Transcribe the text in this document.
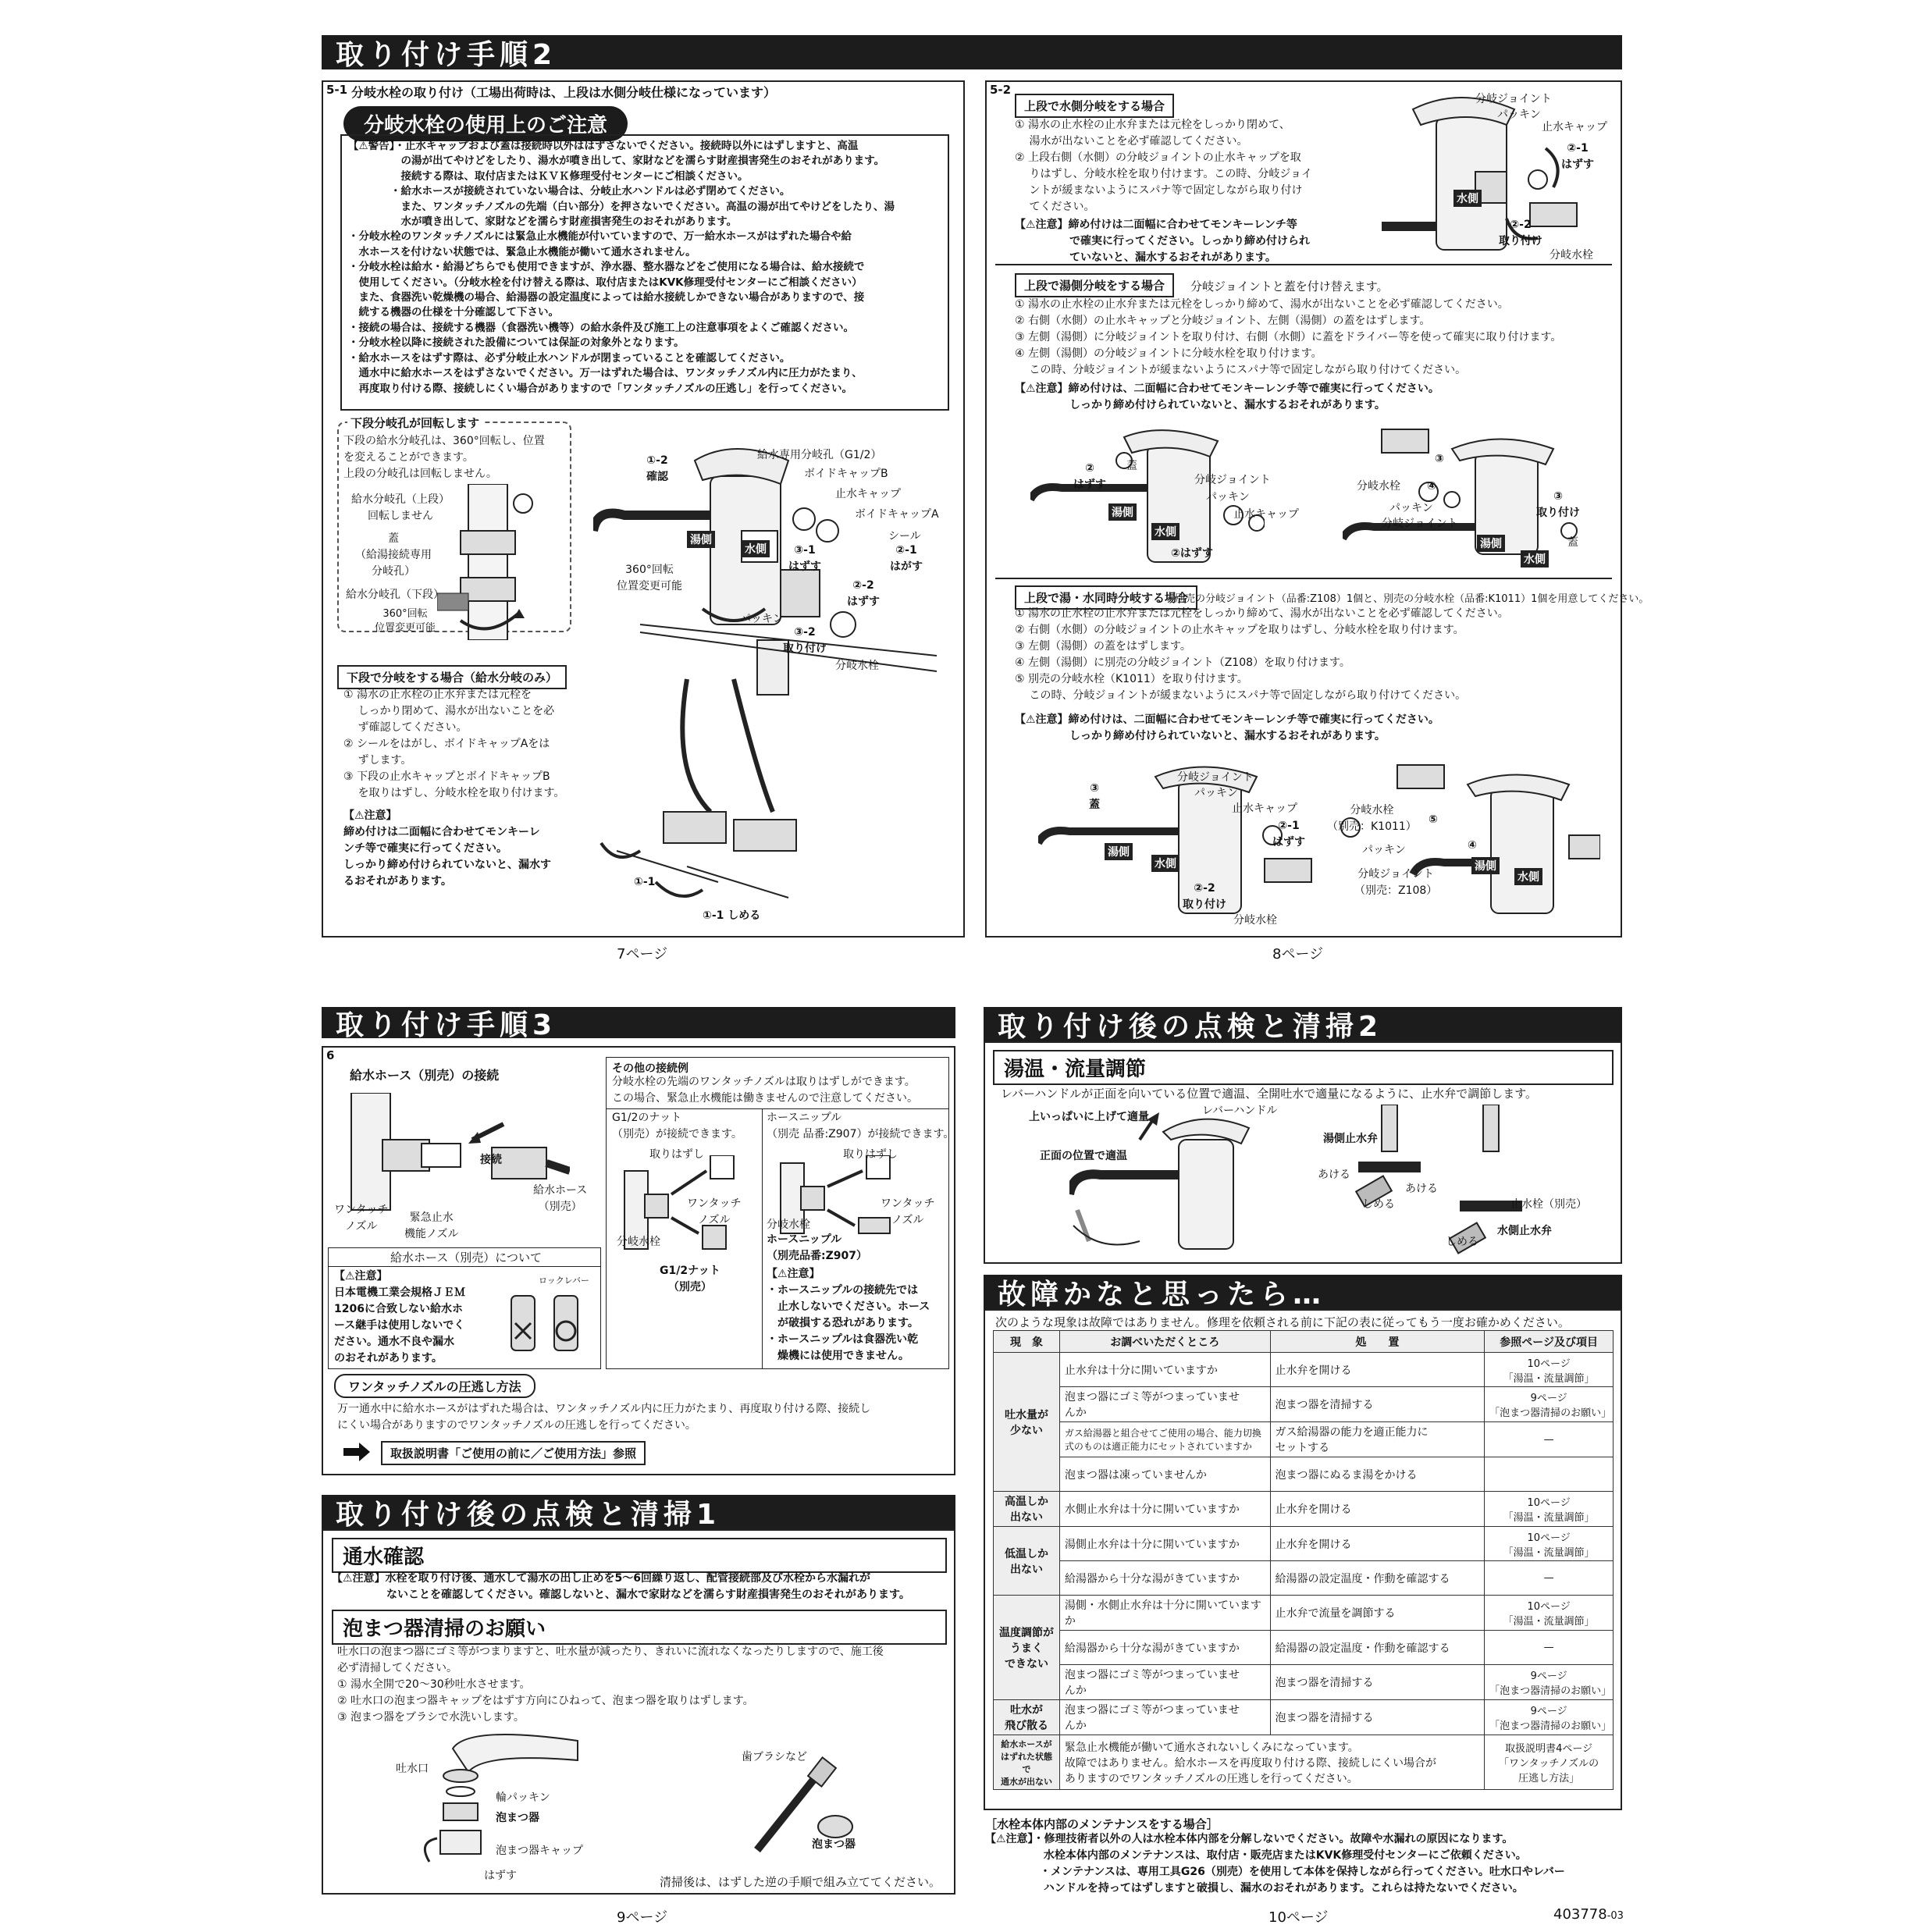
取り付け手順2
5-1 分岐水栓の取り付け（工場出荷時は、上段は水側分岐仕様になっています）
分岐水栓の使用上のご注意
【⚠警告】・止水キャップおよび蓋は接続時以外ははずさないでください。接続時以外にはずしますと、高温
　　　　　の湯が出てやけどをしたり、湯水が噴き出して、家財などを濡らす財産損害発生のおそれがあります。
　　　　　接続する際は、取付店またはＫＶＫ修理受付センターにご相談ください。
　　　　・給水ホースが接続されていない場合は、分岐止水ハンドルは必ず閉めてください。
　　　　　また、ワンタッチノズルの先端（白い部分）を押さないでください。高温の湯が出てやけどをしたり、湯
　　　　　水が噴き出して、家財などを濡らす財産損害発生のおそれがあります。
・分岐水栓のワンタッチノズルには緊急止水機能が付いていますので、万一給水ホースがはずれた場合や給
　水ホースを付けない状態では、緊急止水機能が働いて通水されません。
・分岐水栓は給水・給湯どちらでも使用できますが、浄水器、整水器などをご使用になる場合は、給水接続で
　使用してください。（分岐水栓を付け替える際は、取付店またはKVK修理受付センターにご相談ください）
　また、食器洗い乾燥機の場合、給湯器の設定温度によっては給水接続しかできない場合がありますので、接
　続する機器の仕様を十分確認して下さい。
・接続の場合は、接続する機器（食器洗い機等）の給水条件及び施工上の注意事項をよくご確認ください。
・分岐水栓以降に接続された設備については保証の対象外となります。
・給水ホースをはずす際は、必ず分岐止水ハンドルが閉まっていることを確認してください。
　通水中に給水ホースをはずさないでください。万一はずれた場合は、ワンタッチノズル内に圧力がたまり、
　再度取り付ける際、接続しにくい場合がありますので「ワンタッチノズルの圧逃し」を行ってください。
下段分岐孔が回転します
下段の給水分岐孔は、360°回転し、位置
を変えることができます。
上段の分岐孔は回転しません。
給水分岐孔（上段）
回転しません
蓋
（給湯接続専用
分岐孔）
給水分岐孔（下段）
360°回転
位置変更可能
下段で分岐をする場合（給水分岐のみ）
① 湯水の止水栓の止水弁または元栓を
　 しっかり閉めて、湯水が出ないことを必
　 ず確認してください。
② シールをはがし、ボイドキャップAをは
　 ずします。
③ 下段の止水キャップとボイドキャップB
　 を取りはずし、分岐水栓を取り付けます。
【⚠注意】
締め付けは二面幅に合わせてモンキーレ
ンチ等で確実に行ってください。
しっかり締め付けられていないと、漏水す
るおそれがあります。
①-2
確認
給水専用分岐孔（G1/2）
ボイドキャップB
止水キャップ
ボイドキャップA
シール
③-1
はずす
②-1
はがす
②-2
はずす
360°回転
位置変更可能
パッキン
③-2
取り付け
分岐水栓
①-1
①-1 しめる
湯側
水側
7ページ
5-2
上段で水側分岐をする場合
① 湯水の止水栓の止水弁または元栓をしっかり閉めて、
　 湯水が出ないことを必ず確認してください。
② 上段右側（水側）の分岐ジョイントの止水キャップを取
　 りはずし、分岐水栓を取り付けます。この時、分岐ジョイ
　 ントが緩まないようにスパナ等で固定しながら取り付け
　 てください。
【⚠注意】締め付けは二面幅に合わせてモンキーレンチ等
　　　　　で確実に行ってください。しっかり締め付けられ
　　　　　ていないと、漏水するおそれがあります。
分岐ジョイント
パッキン
止水キャップ
②-1
はずす
水側
②-2
取り付け
分岐水栓
上段で湯側分岐をする場合	分岐ジョイントと蓋を付け替えます。
① 湯水の止水栓の止水弁または元栓をしっかり締めて、湯水が出ないことを必ず確認してください。
② 右側（水側）の止水キャップと分岐ジョイント、左側（湯側）の蓋をはずします。
③ 左側（湯側）に分岐ジョイントを取り付け、右側（水側）に蓋をドライバー等を使って確実に取り付けます。
④ 左側（湯側）の分岐ジョイントに分岐水栓を取り付けます。
　 この時、分岐ジョイントが緩まないようにスパナ等で固定しながら取り付けてください。
【⚠注意】締め付けは、二面幅に合わせてモンキーレンチ等で確実に行ってください。
　　　　　しっかり締め付けられていないと、漏水するおそれがあります。
②
はずす
蓋
分岐ジョイント
パッキン
止水キャップ
湯側
水側
②はずす
分岐水栓
パッキン
分岐ジョイント
③
取り付け
蓋
④
③
湯側
水側
上段で湯・水同時分岐する場合
別売の分岐ジョイント（品番:Z108）1個と、別売の分岐水栓（品番:K1011）1個を用意してください。
① 湯水の止水栓の止水弁または元栓をしっかり締めて、湯水が出ないことを必ず確認してください。
② 右側（水側）の分岐ジョイントの止水キャップを取りはずし、分岐水栓を取り付けます。
③ 左側（湯側）の蓋をはずします。
④ 左側（湯側）に別売の分岐ジョイント（Z108）を取り付けます。
⑤ 別売の分岐水栓（K1011）を取り付けます。
　 この時、分岐ジョイントが緩まないようにスパナ等で固定しながら取り付けてください。
【⚠注意】締め付けは、二面幅に合わせてモンキーレンチ等で確実に行ってください。
　　　　　しっかり締め付けられていないと、漏水するおそれがあります。
③
蓋
分岐ジョイント
パッキン
止水キャップ
②-1
はずす
湯側
水側
②-2
取り付け
分岐水栓
分岐水栓
（別売：K1011）
⑤
パッキン	④
分岐ジョイント
（別売：Z108）
湯側
水側
8ページ
取り付け手順3
6
給水ホース（別売）の接続
接続
給水ホース
（別売）
ワンタッチ
ノズル
緊急止水
機能ノズル
その他の接続例
分岐水栓の先端のワンタッチノズルは取りはずしができます。
この場合、緊急止水機能は働きませんので注意してください。
G1/2のナット
（別売）が接続できます。
取りはずし
ワンタッチ
ノズル
分岐水栓
G1/2ナット
（別売）
ホースニップル
（別売 品番:Z907）が接続できます。
取りはずし
ワンタッチ
ノズル
分岐水栓
ホースニップル
（別売品番:Z907）
【⚠注意】
・ホースニップルの接続先では
　止水しないでください。ホース
　が破損する恐れがあります。
・ホースニップルは食器洗い乾
　燥機には使用できません。
給水ホース（別売）について
【⚠注意】
日本電機工業会規格ＪＥＭ
1206に合致しない給水ホ
ース継手は使用しないでく
ださい。通水不良や漏水
のおそれがあります。
ロックレバー
ワンタッチノズルの圧逃し方法
万一通水中に給水ホースがはずれた場合は、ワンタッチノズル内に圧力がたまり、再度取り付ける際、接続し
にくい場合がありますのでワンタッチノズルの圧逃しを行ってください。
取扱説明書「ご使用の前に／ご使用方法」参照
取り付け後の点検と清掃1
通水確認
【⚠注意】水栓を取り付け後、通水して湯水の出し止めを5～6回繰り返し、配管接続部及び水栓から水漏れが
　　　　　ないことを確認してください。確認しないと、漏水で家財などを濡らす財産損害発生のおそれがあります。
泡まつ器清掃のお願い
吐水口の泡まつ器にゴミ等がつまりますと、吐水量が減ったり、きれいに流れなくなったりしますので、施工後
必ず清掃してください。
① 湯水全開で20～30秒吐水させます。
② 吐水口の泡まつ器キャップをはずす方向にひねって、泡まつ器を取りはずします。
③ 泡まつ器をブラシで水洗いします。
吐水口
輪パッキン
泡まつ器
泡まつ器キャップ
はずす
歯ブラシなど
泡まつ器
清掃後は、はずした逆の手順で組み立ててください。
9ページ
取り付け後の点検と清掃2
湯温・流量調節
レバーハンドルが正面を向いている位置で適温、全開吐水で適量になるように、止水弁で調節します。
上いっぱいに上げて適量	レバーハンドル
正面の位置で適温
湯側止水弁
あける
あける
しめる	止水栓（別売）
しめる
水側止水弁
故障かなと思ったら…
次のような現象は故障ではありません。修理を依頼される前に下記の表に従ってもう一度お確かめください。
現　象	お調べいただくところ	処　　置	参照ページ及び項目
吐水量が
少ない	止水弁は十分に開いていますか	止水弁を開ける	10ページ
「湯温・流量調節」
	泡まつ器にゴミ等がつまっていませ
んか	泡まつ器を清掃する	9ページ
「泡まつ器清掃のお願い」
	ガス給湯器と組合せてご使用の場合、能力切換
式のものは適正能力にセットされていますか	ガス給湯器の能力を適正能力に
セットする	—
	泡まつ器は凍っていませんか	泡まつ器にぬるま湯をかける	
高温しか
出ない	水側止水弁は十分に開いていますか	止水弁を開ける	10ページ
「湯温・流量調節」
低温しか
出ない	湯側止水弁は十分に開いていますか	止水弁を開ける	10ページ
「湯温・流量調節」
	給湯器から十分な湯がきていますか	給湯器の設定温度・作動を確認する	—
温度調節が
うまく
できない	湯側・水側止水弁は十分に開いていますか	止水弁で流量を調節する	10ページ
「湯温・流量調節」
	給湯器から十分な湯がきていますか	給湯器の設定温度・作動を確認する	—
	泡まつ器にゴミ等がつまっていませ
んか	泡まつ器を清掃する	9ページ
「泡まつ器清掃のお願い」
吐水が
飛び散る	泡まつ器にゴミ等がつまっていませ
んか	泡まつ器を清掃する	9ページ
「泡まつ器清掃のお願い」
給水ホースが
はずれた状態で
通水が出ない	緊急止水機能が働いて通水されないしくみになっています。
故障ではありません。給水ホースを再度取り付ける際、接続しにくい場合が
ありますのでワンタッチノズルの圧逃しを行ってください。		取扱説明書4ページ
「ワンタッチノズルの
圧逃し方法」
［水栓本体内部のメンテナンスをする場合］
【⚠注意】・修理技術者以外の人は水栓本体内部を分解しないでください。故障や水漏れの原因になります。
　　　　　 水栓本体内部のメンテナンスは、取付店・販売店またはKVK修理受付センターにご依頼ください。
　　　　　・メンテナンスは、専用工具G26（別売）を使用して本体を保持しながら行ってください。吐水口やレバー
　　　　　 ハンドルを持ってはずしますと破損し、漏水のおそれがあります。これらは持たないでください。
10ページ	403778-03
